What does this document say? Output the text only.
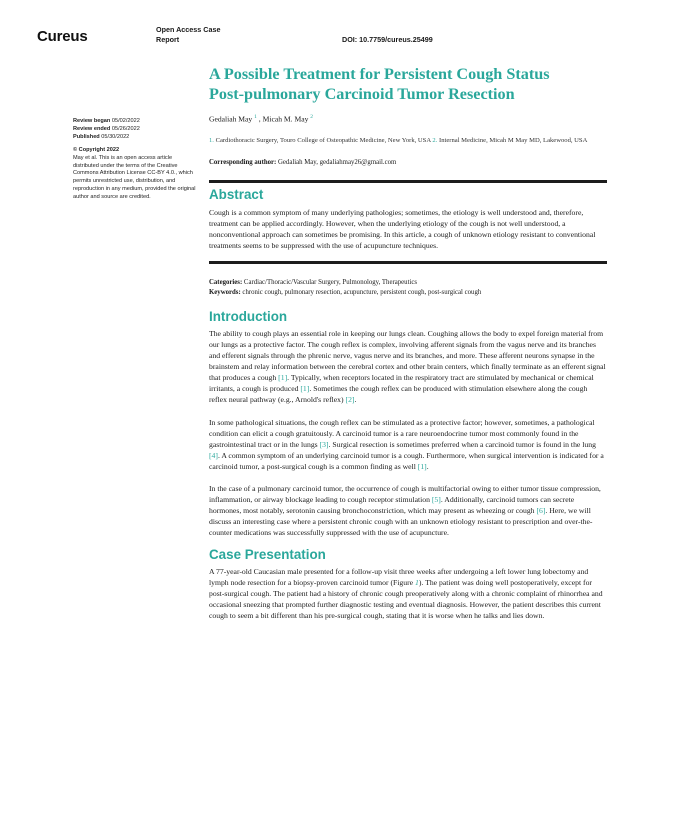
Cureus	Open Access Case
Report	DOI: 10.7759/cureus.25499
Review began 05/02/2022
Review ended 05/26/2022
Published 05/30/2022
© Copyright 2022
May et al. This is an open access article distributed under the terms of the Creative Commons Attribution License CC-BY 4.0., which permits unrestricted use, distribution, and reproduction in any medium, provided the original author and source are credited.
A Possible Treatment for Persistent Cough Status
Post-pulmonary Carcinoid Tumor Resection
Gedaliah May $^1$ , Micah M. May $^2$
1. Cardiothoracic Surgery, Touro College of Osteopathic Medicine, New York, USA 2. Internal Medicine, Micah M May MD, Lakewood, USA
Corresponding author: Gedaliah May, gedaliahmay26@gmail.com
Abstract

Cough is a common symptom of many underlying pathologies; sometimes, the etiology is well understood and, therefore, treatment can be applied accordingly. However, when the underlying etiology of the cough is not well understood, a nonconventional approach can sometimes be promising. In this article, a cough of unknown etiology resistant to conventional treatments seems to be suppressed with the use of acupuncture techniques.

Categories: Cardiac/Thoracic/Vascular Surgery, Pulmonology, Therapeutics
Keywords: chronic cough, pulmonary resection, acupuncture, persistent cough, post-surgical cough
Introduction

The ability to cough plays an essential role in keeping our lungs clean. Coughing allows the body to expel foreign material from our lungs as a protective factor. The cough reflex is complex, involving afferent signals from the vagus nerve and its branches and efferent signals through the phrenic nerve, vagus nerve and its branches, and more. These afferent neurons synapse in the brainstem and relay information between the cerebral cortex and other brain centers, which finally terminate as an efferent signal that produces a cough [1]. Typically, when receptors located in the respiratory tract are stimulated by mechanical or chemical irritants, a cough is produced [1]. Sometimes the cough reflex can be produced with stimulation elsewhere along the cough reflex neural pathway (e.g., Arnold's reflex) [2].

In some pathological situations, the cough reflex can be stimulated as a protective factor; however, sometimes, a pathological condition can elicit a cough gratuitously. A carcinoid tumor is a rare neuroendocrine tumor most commonly found in the gastrointestinal tract or in the lungs [3]. Surgical resection is sometimes preferred when a carcinoid tumor is found in the lung [4]. A common symptom of an underlying carcinoid tumor is a cough. Furthermore, when surgical intervention is indicated for a carcinoid tumor, a post-surgical cough is a common finding as well [1].

In the case of a pulmonary carcinoid tumor, the occurrence of cough is multifactorial owing to either tumor tissue compression, inflammation, or airway blockage leading to cough receptor stimulation [5]. Additionally, carcinoid tumors can secrete hormones, most notably, serotonin causing bronchoconstriction, which may present as wheezing or cough [6]. Here, we will discuss an interesting case where a persistent chronic cough with an unknown etiology resistant to prescription and over-the-counter medications was successfully suppressed with the use of acupuncture.

Case Presentation

A 77-year-old Caucasian male presented for a follow-up visit three weeks after undergoing a left lower lung lobectomy and lymph node resection for a biopsy-proven carcinoid tumor (Figure 1). The patient was doing well postoperatively, except for post-surgical cough. The patient had a history of chronic cough preoperatively along with a chronic complaint of rhinorrhea and occasional sneezing that prompted further diagnostic testing and eventual diagnosis. However, the patient describes this current cough to seem a bit different than his pre-surgical cough, stating that it is worse when he talks and lies down.
